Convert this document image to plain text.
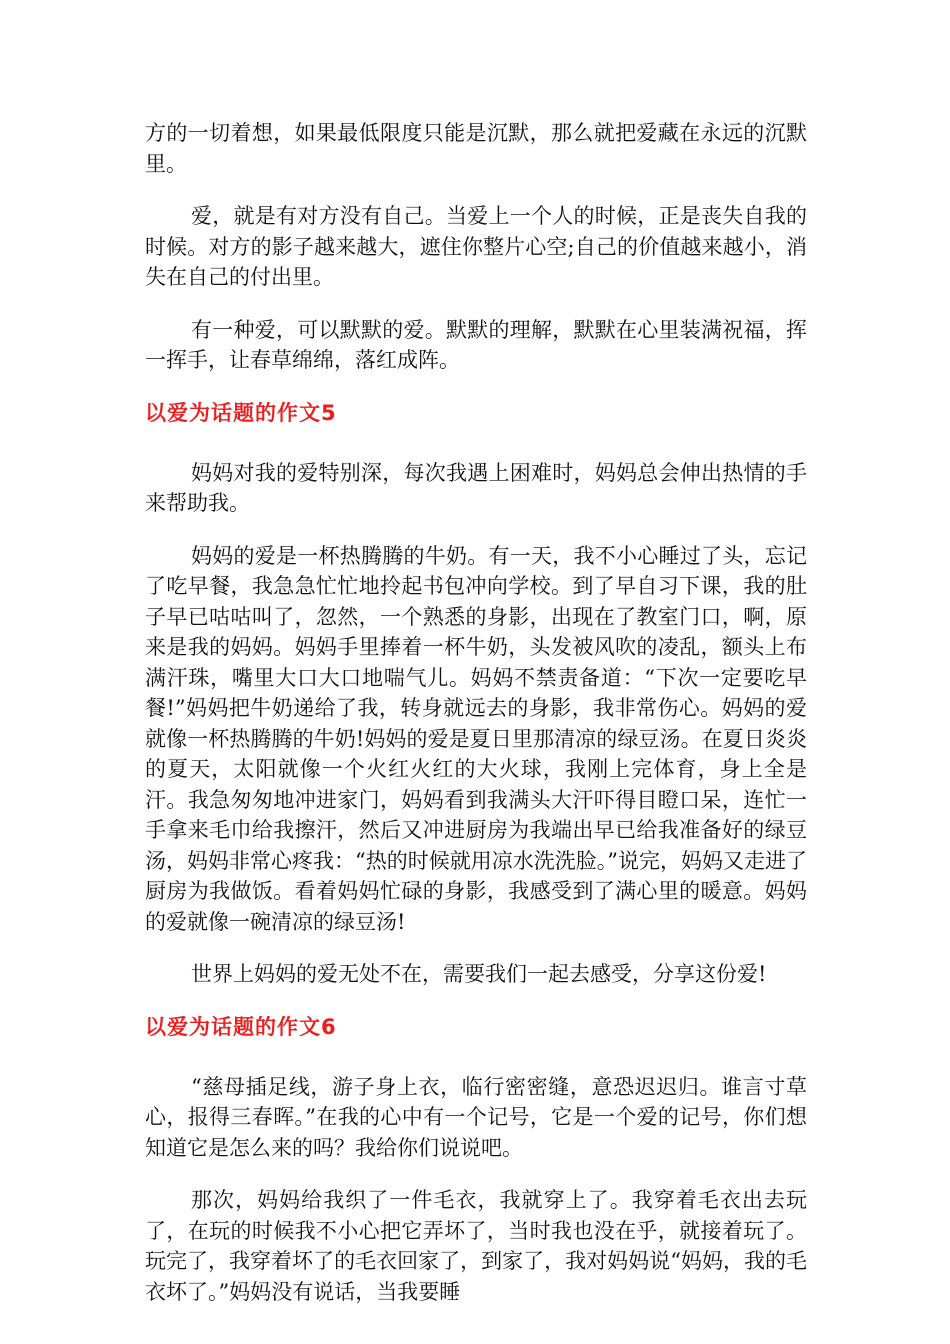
方的一切着想，如果最低限度只能是沉默，那么就把爱藏在永远的沉默里。

爱，就是有对方没有自己。当爱上一个人的时候，正是丧失自我的时候。对方的影子越来越大，遮住你整片心空;自己的价值越来越小，消失在自己的付出里。

有一种爱，可以默默的爱。默默的理解，默默在心里装满祝福，挥一挥手，让春草绵绵，落红成阵。

以爱为话题的作文5

妈妈对我的爱特别深，每次我遇上困难时，妈妈总会伸出热情的手来帮助我。

妈妈的爱是一杯热腾腾的牛奶。有一天，我不小心睡过了头，忘记了吃早餐，我急急忙忙地拎起书包冲向学校。到了早自习下课，我的肚子早已咕咕叫了，忽然，一个熟悉的身影，出现在了教室门口，啊，原来是我的妈妈。妈妈手里捧着一杯牛奶，头发被风吹的凌乱，额头上布满汗珠，嘴里大口大口地喘气儿。妈妈不禁责备道：“下次一定要吃早餐!”妈妈把牛奶递给了我，转身就远去的身影，我非常伤心。妈妈的爱就像一杯热腾腾的牛奶!妈妈的爱是夏日里那清凉的绿豆汤。在夏日炎炎的夏天，太阳就像一个火红火红的大火球，我刚上完体育，身上全是汗。我急匆匆地冲进家门，妈妈看到我满头大汗吓得目瞪口呆，连忙一手拿来毛巾给我擦汗，然后又冲进厨房为我端出早已给我准备好的绿豆汤，妈妈非常心疼我：“热的时候就用凉水洗洗脸。”说完，妈妈又走进了厨房为我做饭。看着妈妈忙碌的身影，我感受到了满心里的暖意。妈妈的爱就像一碗清凉的绿豆汤!

世界上妈妈的爱无处不在，需要我们一起去感受，分享这份爱!

以爱为话题的作文6

“慈母插足线，游子身上衣，临行密密缝，意恐迟迟归。谁言寸草心，报得三春晖。”在我的心中有一个记号，它是一个爱的记号，你们想知道它是怎么来的吗？我给你们说说吧。

那次，妈妈给我织了一件毛衣，我就穿上了。我穿着毛衣出去玩了，在玩的时候我不小心把它弄坏了，当时我也没在乎，就接着玩了。玩完了，我穿着坏了的毛衣回家了，到家了，我对妈妈说“妈妈，我的毛衣坏了。”妈妈没有说话，当我要睡
